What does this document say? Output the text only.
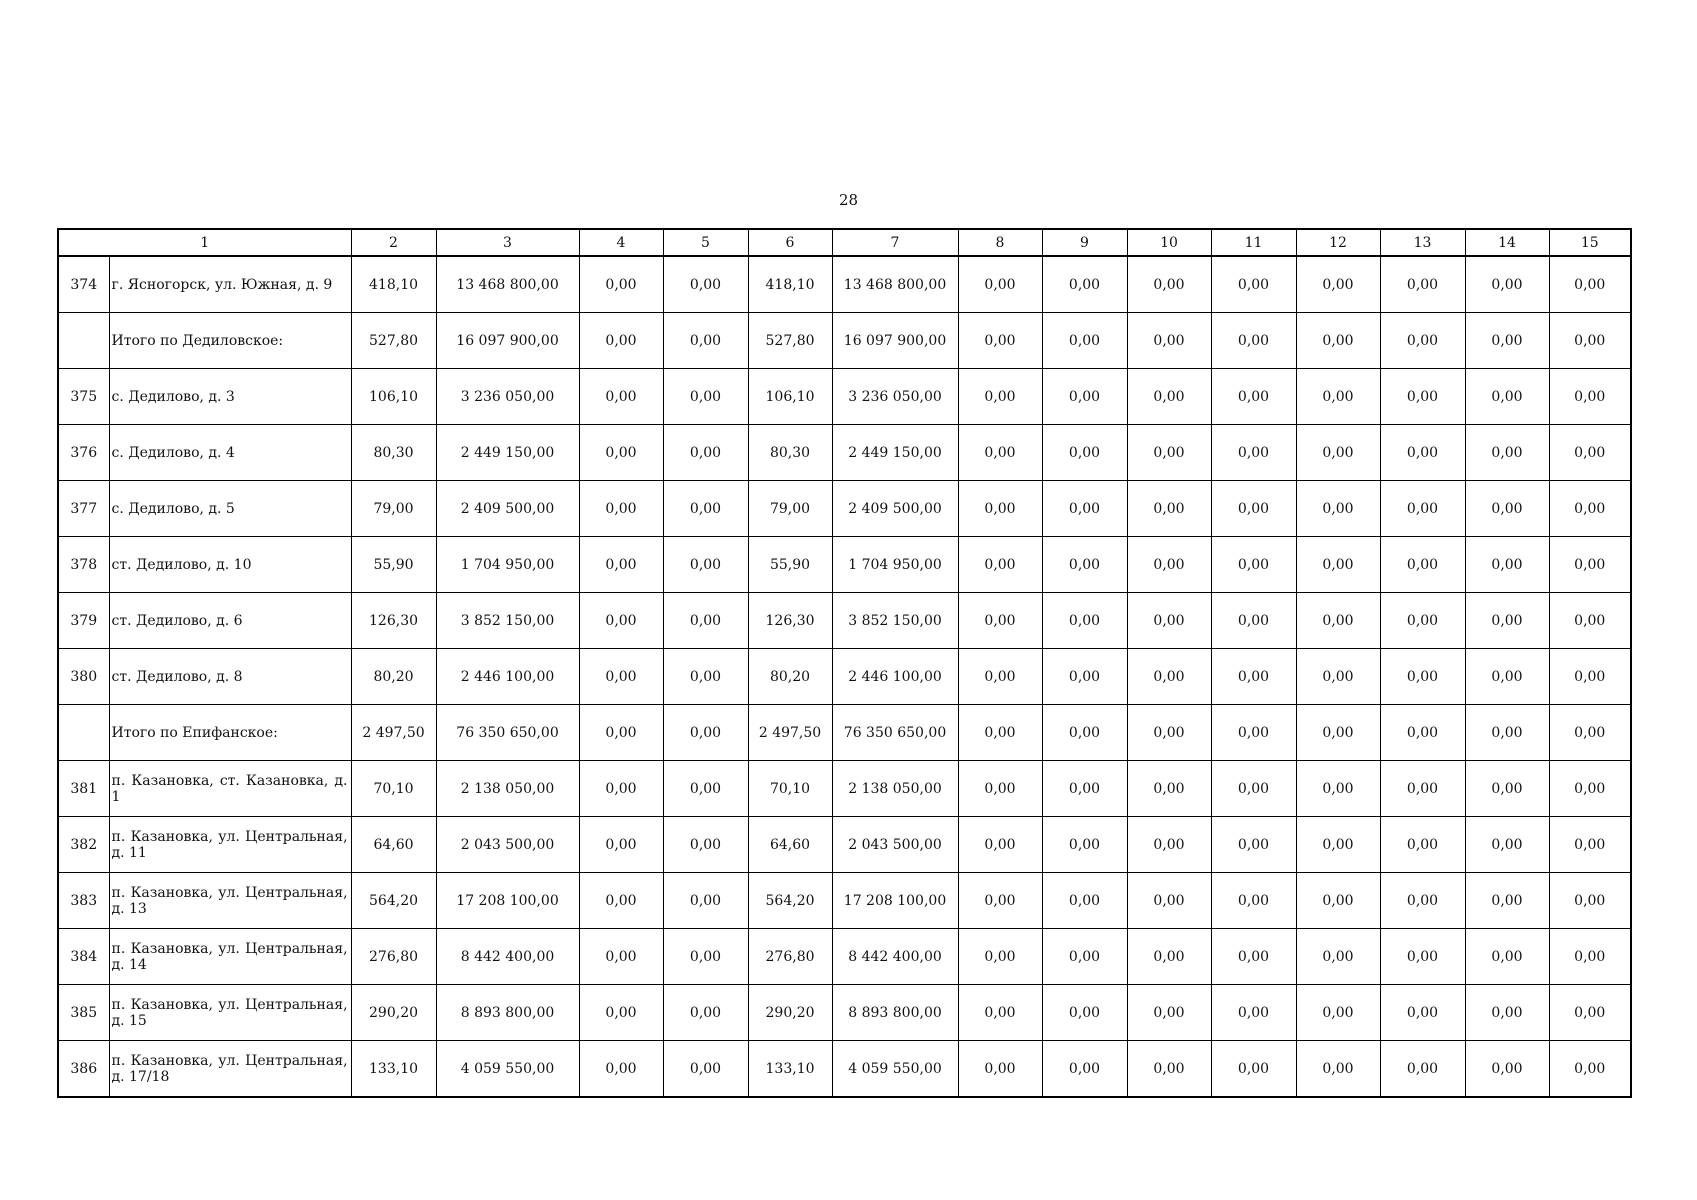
28
1		2	3	4	5	6	7	8	9	10	11	12	13	14	15
374	г. Ясногорск, ул. Южная, д. 9	418,10	13 468 800,00	0,00	0,00	418,10	13 468 800,00	0,00	0,00	0,00	0,00	0,00	0,00	0,00	0,00
	Итого по Дедиловское:	527,80	16 097 900,00	0,00	0,00	527,80	16 097 900,00	0,00	0,00	0,00	0,00	0,00	0,00	0,00	0,00
375	с. Дедилово, д. 3	106,10	3 236 050,00	0,00	0,00	106,10	3 236 050,00	0,00	0,00	0,00	0,00	0,00	0,00	0,00	0,00
376	с. Дедилово, д. 4	80,30	2 449 150,00	0,00	0,00	80,30	2 449 150,00	0,00	0,00	0,00	0,00	0,00	0,00	0,00	0,00
377	с. Дедилово, д. 5	79,00	2 409 500,00	0,00	0,00	79,00	2 409 500,00	0,00	0,00	0,00	0,00	0,00	0,00	0,00	0,00
378	ст. Дедилово, д. 10	55,90	1 704 950,00	0,00	0,00	55,90	1 704 950,00	0,00	0,00	0,00	0,00	0,00	0,00	0,00	0,00
379	ст. Дедилово, д. 6	126,30	3 852 150,00	0,00	0,00	126,30	3 852 150,00	0,00	0,00	0,00	0,00	0,00	0,00	0,00	0,00
380	ст. Дедилово, д. 8	80,20	2 446 100,00	0,00	0,00	80,20	2 446 100,00	0,00	0,00	0,00	0,00	0,00	0,00	0,00	0,00
	Итого по Епифанское:	2 497,50	76 350 650,00	0,00	0,00	2 497,50	76 350 650,00	0,00	0,00	0,00	0,00	0,00	0,00	0,00	0,00
381	п. Казановка, ст. Казановка, д. 1	70,10	2 138 050,00	0,00	0,00	70,10	2 138 050,00	0,00	0,00	0,00	0,00	0,00	0,00	0,00	0,00
382	п. Казановка, ул. Центральная, д. 11	64,60	2 043 500,00	0,00	0,00	64,60	2 043 500,00	0,00	0,00	0,00	0,00	0,00	0,00	0,00	0,00
383	п. Казановка, ул. Центральная, д. 13	564,20	17 208 100,00	0,00	0,00	564,20	17 208 100,00	0,00	0,00	0,00	0,00	0,00	0,00	0,00	0,00
384	п. Казановка, ул. Центральная, д. 14	276,80	8 442 400,00	0,00	0,00	276,80	8 442 400,00	0,00	0,00	0,00	0,00	0,00	0,00	0,00	0,00
385	п. Казановка, ул. Центральная, д. 15	290,20	8 893 800,00	0,00	0,00	290,20	8 893 800,00	0,00	0,00	0,00	0,00	0,00	0,00	0,00	0,00
386	п. Казановка, ул. Центральная, д. 17/18	133,10	4 059 550,00	0,00	0,00	133,10	4 059 550,00	0,00	0,00	0,00	0,00	0,00	0,00	0,00	0,00
